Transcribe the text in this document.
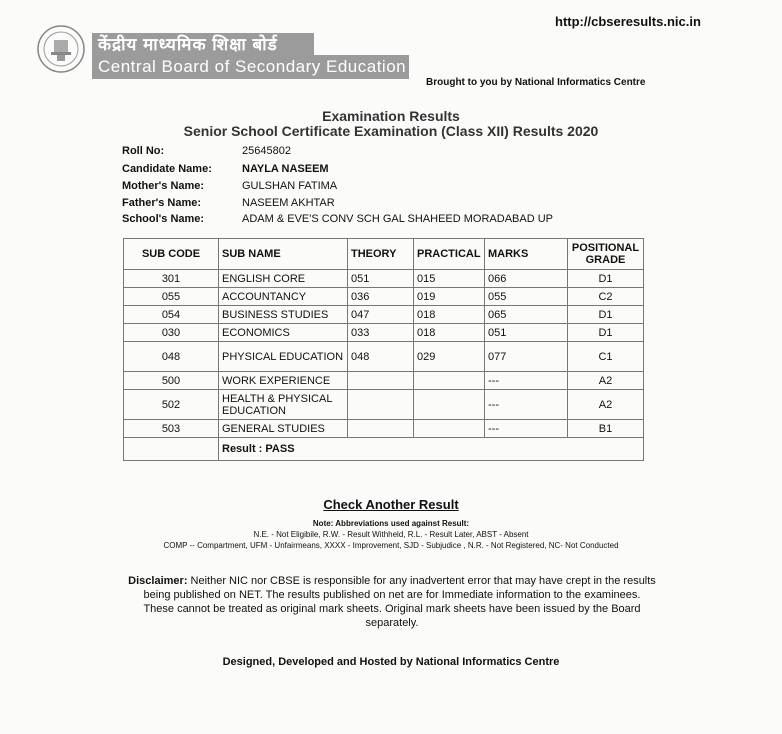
http://cbseresults.nic.in
केंद्रीय माध्यमिक शिक्षा बोर्ड
Central Board of Secondary Education
Brought to you by National Informatics Centre
Examination Results
Senior School Certificate Examination (Class XII) Results 2020
Roll No:	25645802
Candidate Name:	NAYLA NASEEM
Mother's Name:	GULSHAN FATIMA
Father's Name:	NASEEM AKHTAR
School's Name:	ADAM & EVE'S CONV SCH GAL SHAHEED MORADABAD UP
SUB CODE	SUB NAME	THEORY	PRACTICAL	MARKS	POSITIONAL GRADE
301	ENGLISH CORE	051	015	066	D1
055	ACCOUNTANCY	036	019	055	C2
054	BUSINESS STUDIES	047	018	065	D1
030	ECONOMICS	033	018	051	D1
048	PHYSICAL EDUCATION	048	029	077	C1
500	WORK EXPERIENCE			---	A2
502	HEALTH & PHYSICAL EDUCATION			---	A2
503	GENERAL STUDIES			---	B1
	Result : PASS				
Check Another Result
Note: Abbreviations used against Result:
N.E. - Not Eligibile, R.W. - Result Withheld, R.L. - Result Later, ABST - Absent
COMP -- Compartment, UFM - Unfairmeans, XXXX - Improvement, SJD - Subjudice , N.R. - Not Registered, NC- Not Conducted
Disclaimer: Neither NIC nor CBSE is responsible for any inadvertent error that may have crept in the results being published on NET. The results published on net are for Immediate information to the examinees. These cannot be treated as original mark sheets. Original mark sheets have been issued by the Board separately.
Designed, Developed and Hosted by National Informatics Centre
